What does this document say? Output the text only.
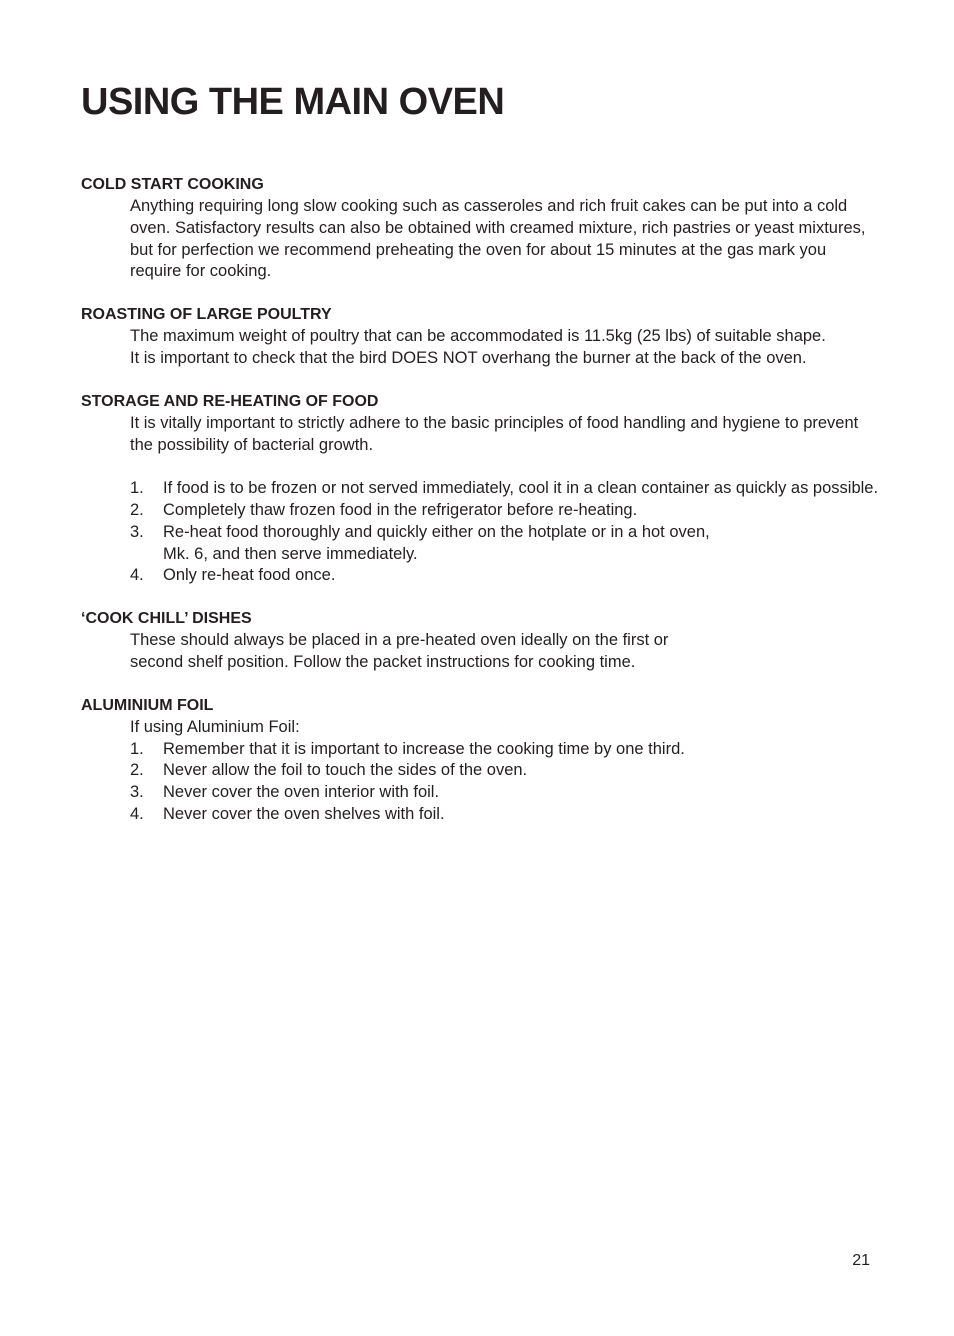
USING THE MAIN OVEN
COLD START COOKING
Anything requiring long slow cooking such as casseroles and rich fruit cakes can be put into a cold oven. Satisfactory results can also be obtained with creamed mixture, rich pastries or yeast mixtures, but for perfection we recommend preheating the oven for about 15 minutes at the gas mark you require for cooking.
ROASTING OF LARGE POULTRY
The maximum weight of poultry that can be accommodated is 11.5kg (25 lbs) of suitable shape.
It is important to check that the bird DOES NOT overhang the burner at the back of the oven.
STORAGE AND RE-HEATING OF FOOD
It is vitally important to strictly adhere to the basic principles of food handling and hygiene to prevent the possibility of bacterial growth.
1.	If food is to be frozen or not served immediately, cool it in a clean container as quickly as possible.
2.	Completely thaw frozen food in the refrigerator before re-heating.
3.	Re-heat food thoroughly and quickly either on the hotplate or in a hot oven,
Mk. 6, and then serve immediately.
4.	Only re-heat food once.
‘COOK CHILL’ DISHES
These should always be placed in a pre-heated oven ideally on the first or
second shelf position. Follow the packet instructions for cooking time.
ALUMINIUM FOIL
If using Aluminium Foil:
1.	Remember that it is important to increase the cooking time by one third.
2.	Never allow the foil to touch the sides of the oven.
3.	Never cover the oven interior with foil.
4.	Never cover the oven shelves with foil.
21
